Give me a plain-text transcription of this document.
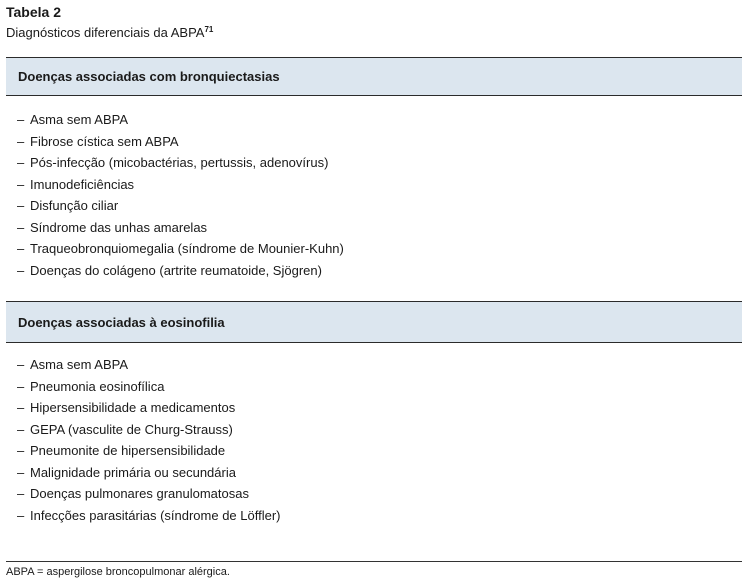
Tabela 2
Diagnósticos diferenciais da ABPA$^{71}$
Doenças associadas com bronquiectasias
– Asma sem ABPA
– Fibrose cística sem ABPA
– Pós-infecção (micobactérias, pertussis, adenovírus)
– Imunodeficiências
– Disfunção ciliar
– Síndrome das unhas amarelas
– Traqueobronquiomegalia (síndrome de Mounier-Kuhn)
– Doenças do colágeno (artrite reumatoide, Sjögren)
Doenças associadas à eosinofilia
– Asma sem ABPA
– Pneumonia eosinofílica
– Hipersensibilidade a medicamentos
– GEPA (vasculite de Churg-Strauss)
– Pneumonite de hipersensibilidade
– Malignidade primária ou secundária
– Doenças pulmonares granulomatosas
– Infecções parasitárias (síndrome de Löffler)
ABPA = aspergilose broncopulmonar alérgica.
